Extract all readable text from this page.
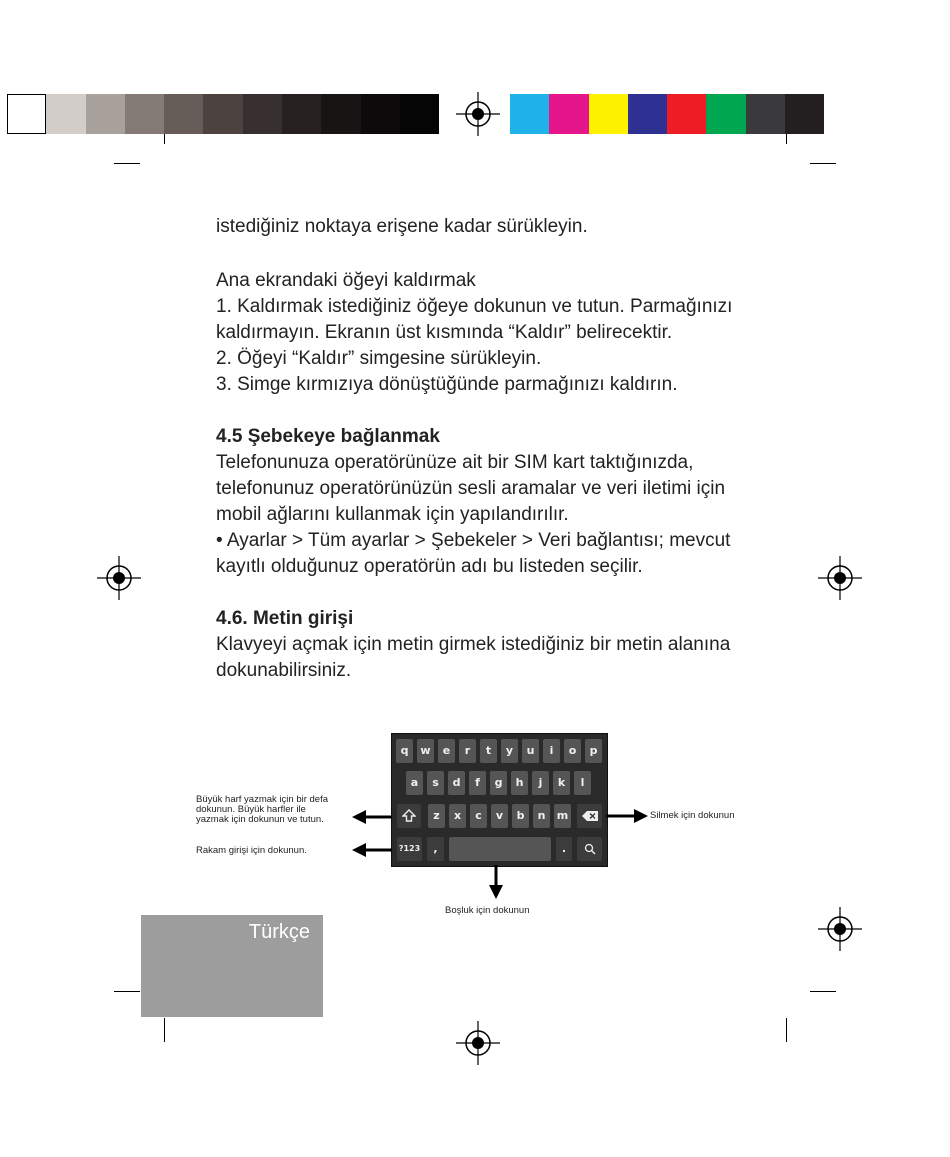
istediğiniz noktaya erişene kadar sürükleyin.

Ana ekrandaki öğeyi kaldırmak

1. Kaldırmak istediğiniz öğeye dokunun ve tutun. Parmağınızı

kaldırmayın. Ekranın üst kısmında “Kaldır” belirecektir.

2. Öğeyi “Kaldır” simgesine sürükleyin.

3. Simge kırmızıya dönüştüğünde parmağınızı kaldırın.

4.5 Şebekeye bağlanmak

Telefonunuza operatörünüze ait bir SIM kart taktığınızda,

telefonunuz operatörünüzün sesli aramalar ve veri iletimi için

mobil ağlarını kullanmak için yapılandırılır.

• Ayarlar > Tüm ayarlar > Şebekeler > Veri bağlantısı; mevcut

kayıtlı olduğunuz operatörün adı bu listeden seçilir.

4.6. Metin girişi

Klavyeyi açmak için metin girmek istediğiniz bir metin alanına

dokunabilirsiniz.

q	w	e	r	t	y	u	i	o	p
a	s	d	f	g	h	j	k	l
z	x	c	v	b	n	m
?123	,	.
Büyük harf yazmak için bir defa
dokunun. Büyük harfler ile
yazmak için dokunun ve tutun.
Rakam girişi için dokunun.
Silmek için dokunun
Boşluk için dokunun
Türkçe
